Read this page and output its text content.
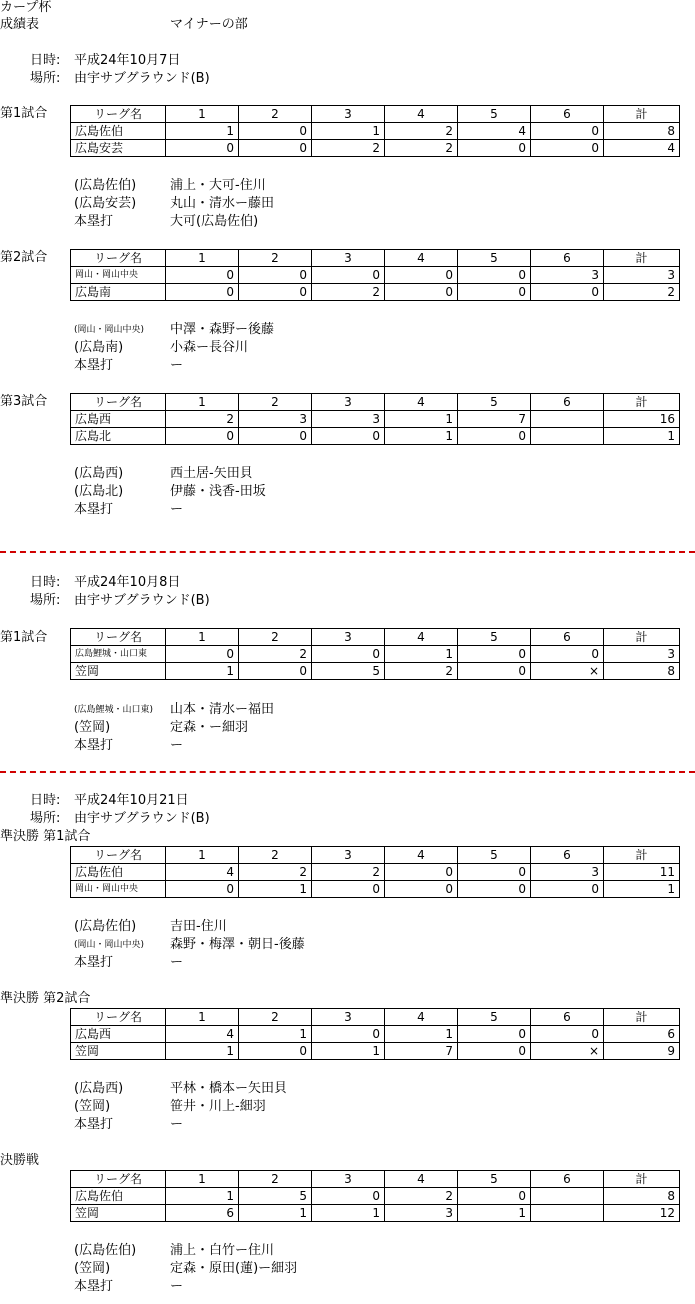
カープ杯
成績表	マイナーの部
日時: 平成24年10月7日
場所: 由宇サブグラウンド(B)
第1試合	リーグ名	1	2	3	4	5	6	計
広島佐伯	1	0	1	2	4	0	8
広島安芸	0	0	2	2	0	0	4
(広島佐伯)	浦上・大可-住川
(広島安芸)	丸山・清水ー藤田
本塁打	大可(広島佐伯)
第2試合	リーグ名	1	2	3	4	5	6	計
岡山・岡山中央	0	0	0	0	0	3	3
広島南	0	0	2	0	0	0	2
(岡山・岡山中央) 中澤・森野ー後藤
(広島南)	小森ー長谷川
本塁打	ー
第3試合	リーグ名	1	2	3	4	5	6	計
広島西	2	3	3	1	7		16
広島北	0	0	0	1	0		1
(広島西)	西土居-矢田貝
(広島北)	伊藤・浅香-田坂
本塁打	ー
日時: 平成24年10月8日
場所: 由宇サブグラウンド(B)
第1試合	リーグ名	1	2	3	4	5	6	計
広島鯉城・山口東	0	2	0	1	0	0	3
笠岡	1	0	5	2	0	×	8
(広島鯉城・山口東) 山本・清水ー福田
(笠岡)	定森・ー細羽
本塁打	ー
日時: 平成24年10月21日
場所: 由宇サブグラウンド(B)
準決勝 第1試合
リーグ名	1	2	3	4	5	6	計
広島佐伯	4	2	2	0	0	3	11
岡山・岡山中央	0	1	0	0	0	0	1
(広島佐伯)	吉田-住川
(岡山・岡山中央) 森野・梅澤・朝日-後藤
本塁打	ー
準決勝 第2試合
リーグ名	1	2	3	4	5	6	計
広島西	4	1	0	1	0	0	6
笠岡	1	0	1	7	0	×	9
(広島西)	平林・橋本ー矢田貝
(笠岡)	笹井・川上-細羽
本塁打	ー
決勝戦
リーグ名	1	2	3	4	5	6	計
広島佐伯	1	5	0	2	0		8
笠岡	6	1	1	3	1		12
(広島佐伯)	浦上・白竹ー住川
(笠岡)	定森・原田(蓮)ー細羽
本塁打	ー
